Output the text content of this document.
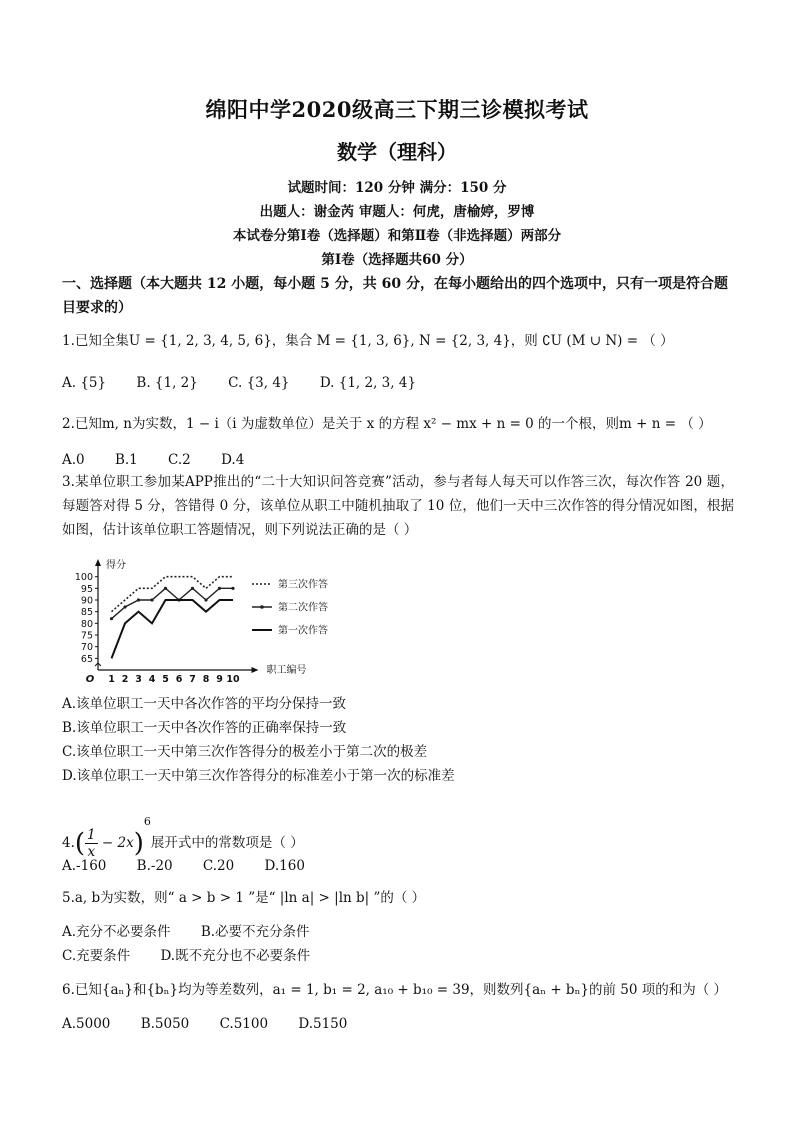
绵阳中学2020级高三下期三诊模拟考试
数学（理科）
试题时间：120 分钟 满分：150 分
出题人：谢金芮 审题人：何虎，唐榆婷，罗博
本试卷分第Ⅰ卷（选择题）和第Ⅱ卷（非选择题）两部分
第Ⅰ卷（选择题共60 分）
一、选择题（本大题共 12 小题，每小题 5 分，共 60 分，在每小题给出的四个选项中，只有一项是符合题目要求的）
1.已知全集U = {1, 2, 3, 4, 5, 6}，集合 M = {1, 3, 6}, N = {2, 3, 4}，则 ∁U (M ∪ N) = （ ）
A. {5} B. {1, 2} C. {3, 4} D. {1, 2, 3, 4}
2.已知m, n为实数，1 − i（i 为虚数单位）是关于 x 的方程 x² − mx + n = 0 的一个根，则m + n = （ ）
A.0 B.1 C.2 D.4
3.某单位职工参加某APP推出的“二十大知识问答竞赛”活动，参与者每人每天可以作答三次，每次作答 20 题，每题答对得 5 分，答错得 0 分，该单位从职工中随机抽取了 10 位，他们一天中三次作答的得分情况如图，根据如图，估计该单位职工答题情况，则下列说法正确的是（ ）
65
70
75
80
85
90
95
100
1 2 3 4 5 6 7 8 9 10
O
得分
职工编号
第三次作答
第二次作答
第一次作答
A.该单位职工一天中各次作答的平均分保持一致
B.该单位职工一天中各次作答的正确率保持一致
C.该单位职工一天中第三次作答得分的极差小于第二次的极差
D.该单位职工一天中第三次作答得分的标准差小于第一次的标准差
$4.( \frac{1}{x} - 2x)^6$展开式中的常数项是（ ）
A.-160 B.-20 C.20 D.160
5.a, b为实数，则“ a > b > 1 ”是“ |ln a| > |ln b| ”的（ ）
A.充分不必要条件 B.必要不充分条件
C.充要条件 D.既不充分也不必要条件
6.已知{aₙ}和{bₙ}均为等差数列，a₁ = 1, b₁ = 2, a₁₀ + b₁₀ = 39，则数列{aₙ + bₙ}的前 50 项的和为（ ）
A.5000 B.5050 C.5100 D.5150
